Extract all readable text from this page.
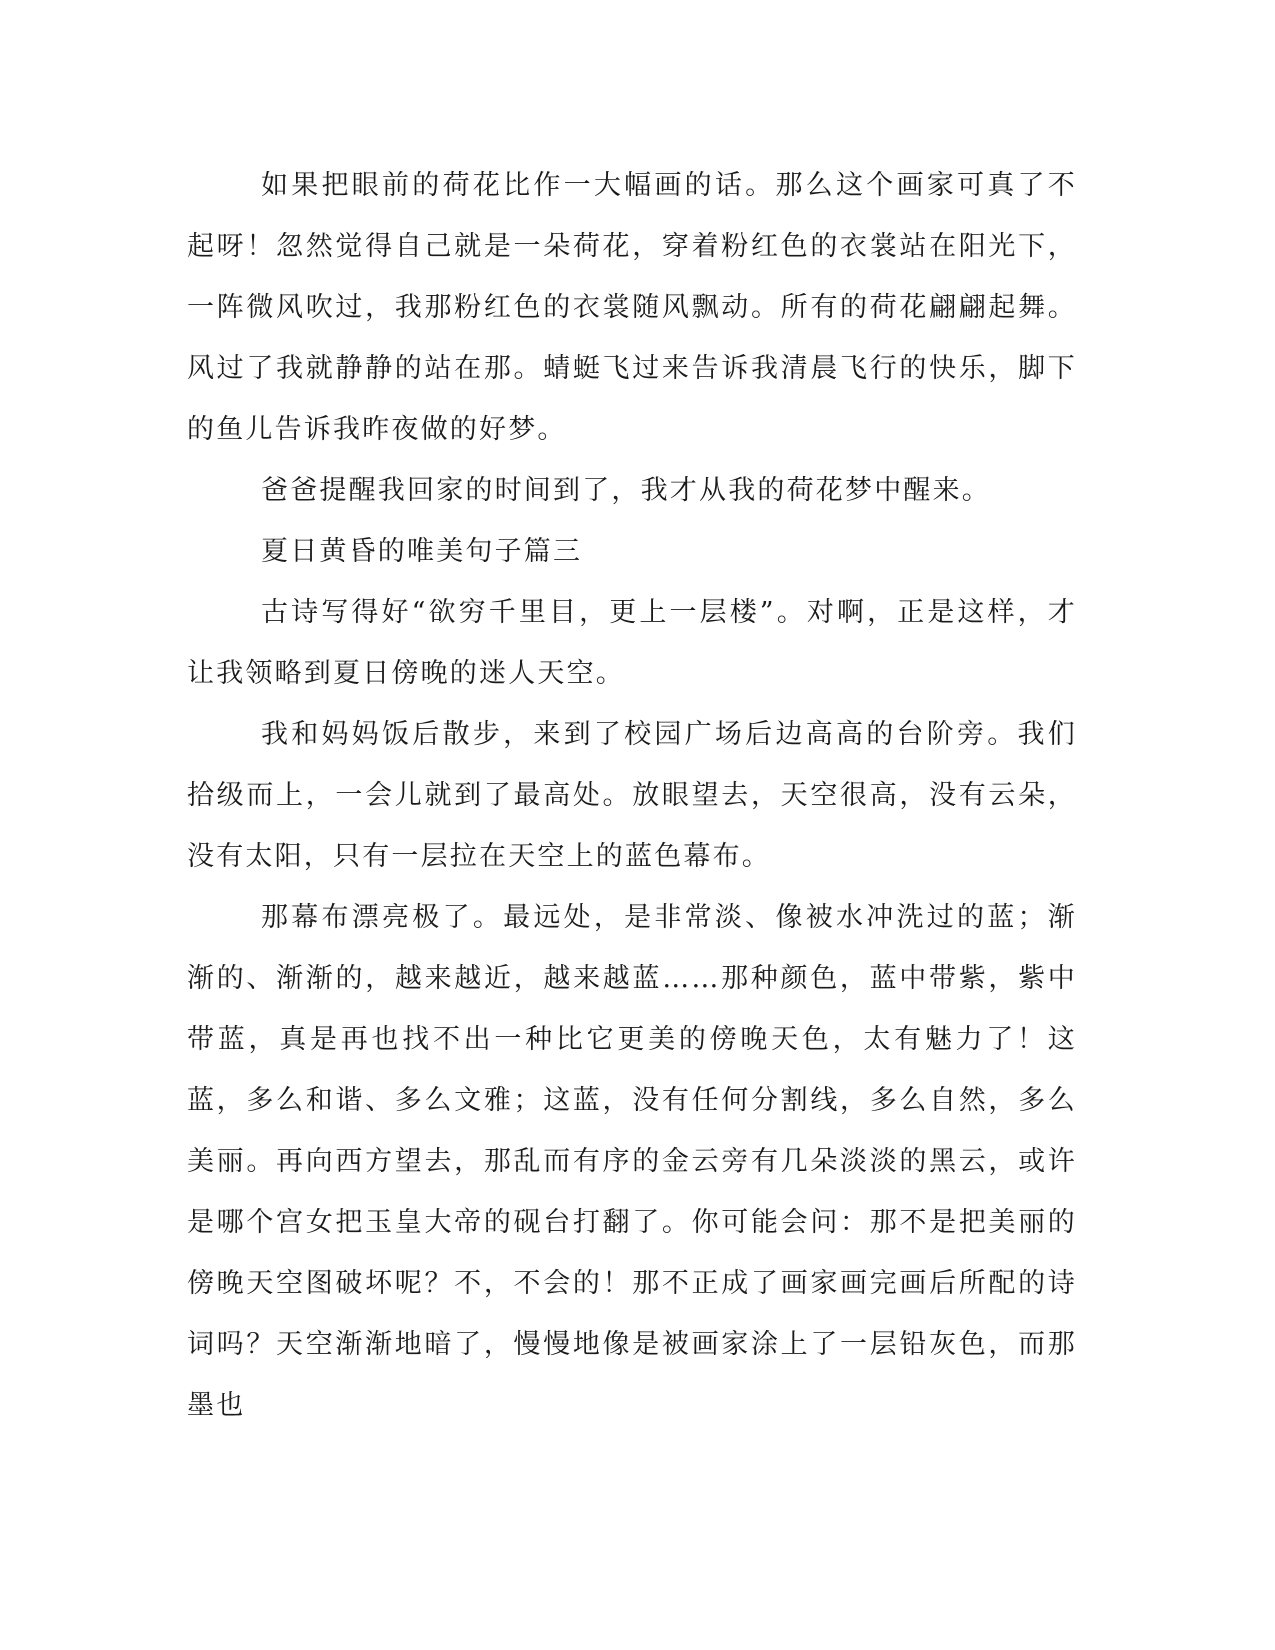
如果把眼前的荷花比作一大幅画的话。那么这个画家可真了不起呀！忽然觉得自己就是一朵荷花，穿着粉红色的衣裳站在阳光下，一阵微风吹过，我那粉红色的衣裳随风飘动。所有的荷花翩翩起舞。风过了我就静静的站在那。蜻蜓飞过来告诉我清晨飞行的快乐，脚下的鱼儿告诉我昨夜做的好梦。

爸爸提醒我回家的时间到了，我才从我的荷花梦中醒来。

夏日黄昏的唯美句子篇三

古诗写得好“欲穷千里目，更上一层楼”。对啊，正是这样，才让我领略到夏日傍晚的迷人天空。

我和妈妈饭后散步，来到了校园广场后边高高的台阶旁。我们拾级而上，一会儿就到了最高处。放眼望去，天空很高，没有云朵，没有太阳，只有一层拉在天空上的蓝色幕布。

那幕布漂亮极了。最远处，是非常淡、像被水冲洗过的蓝；渐渐的、渐渐的，越来越近，越来越蓝……那种颜色，蓝中带紫，紫中带蓝，真是再也找不出一种比它更美的傍晚天色，太有魅力了！这蓝，多么和谐、多么文雅；这蓝，没有任何分割线，多么自然，多么美丽。再向西方望去，那乱而有序的金云旁有几朵淡淡的黑云，或许是哪个宫女把玉皇大帝的砚台打翻了。你可能会问：那不是把美丽的傍晚天空图破坏呢？不，不会的！那不正成了画家画完画后所配的诗词吗？天空渐渐地暗了，慢慢地像是被画家涂上了一层铅灰色，而那墨也
